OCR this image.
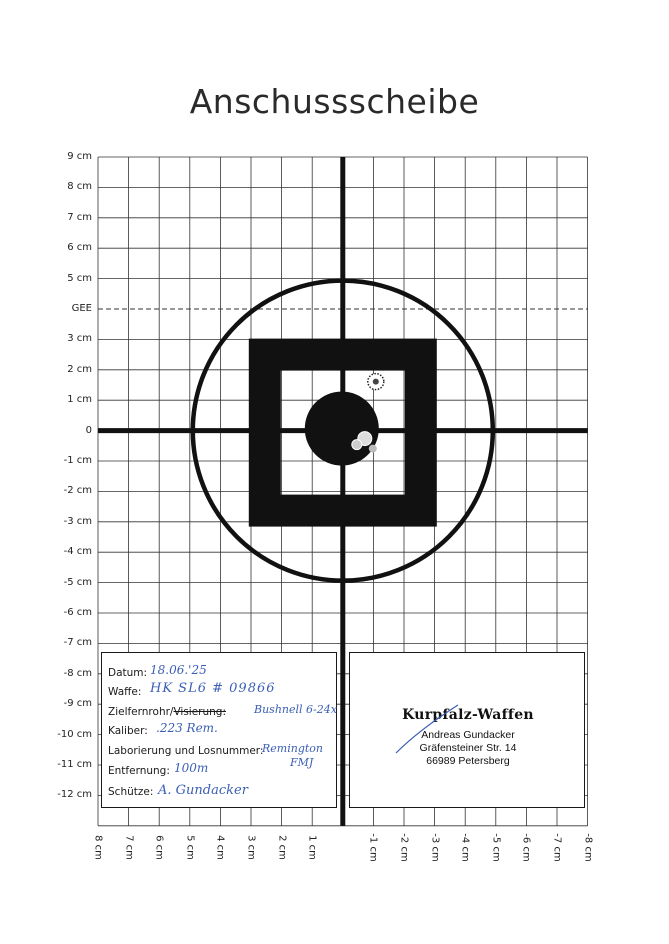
Anschussscheibe
9 cm
8 cm
7 cm
6 cm
5 cm
GEE
3 cm
2 cm
1 cm
0
-1 cm
-2 cm
-3 cm
-4 cm
-5 cm
-6 cm
-7 cm
-8 cm
-9 cm
-10 cm
-11 cm
-12 cm
8 cm 7 cm 6 cm 5 cm 4 cm 3 cm 2 cm 1 cm	-1 cm -2 cm -3 cm -4 cm -5 cm -6 cm -7 cm -8 cm
Datum: 18.06.'25
Waffe: HK SL6 # 09866
Zielfernrohr/Visierung:	Bushnell 6-24x
Kaliber: .223 Rem.
Laborierung und Losnummer:
Remington
FMJ
Entfernung: 100m
Schütze: A. Gundacker
Kurpfalz-Waffen
Andreas Gundacker
Gräfensteiner Str. 14
66989 Petersberg
